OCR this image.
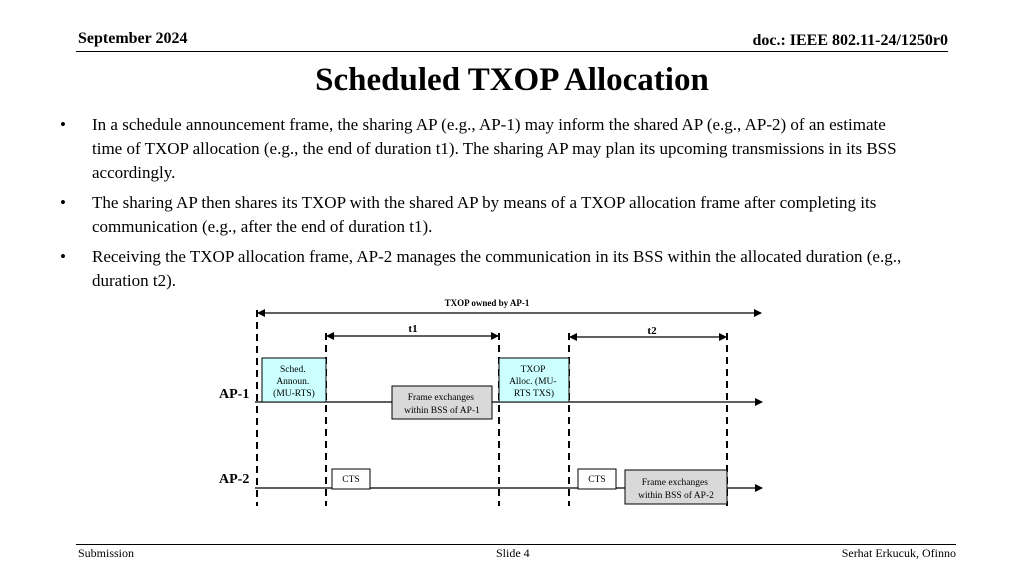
September 2024	doc.: IEEE 802.11-24/1250r0
Scheduled TXOP Allocation
• In a schedule announcement frame, the sharing AP (e.g., AP-1) may inform the shared AP (e.g., AP-2) of an estimate time of TXOP allocation (e.g., the end of duration t1). The sharing AP may plan its upcoming transmissions in its BSS accordingly.
• The sharing AP then shares its TXOP with the shared AP by means of a TXOP allocation frame after completing its communication (e.g., after the end of duration t1).
• Receiving the TXOP allocation frame, AP-2 manages the communication in its BSS within the allocated duration (e.g., duration t2).
TXOP owned by AP-1
t1	t2
AP-1
AP-2
Sched. Announ. (MU-RTS)	Frame exchanges within BSS of AP-1
TXOP Alloc. (MU- RTS TXS)
CTS	CTS	Frame exchanges within BSS of AP-2
Submission	Slide 4	Serhat Erkucuk, Ofinno
